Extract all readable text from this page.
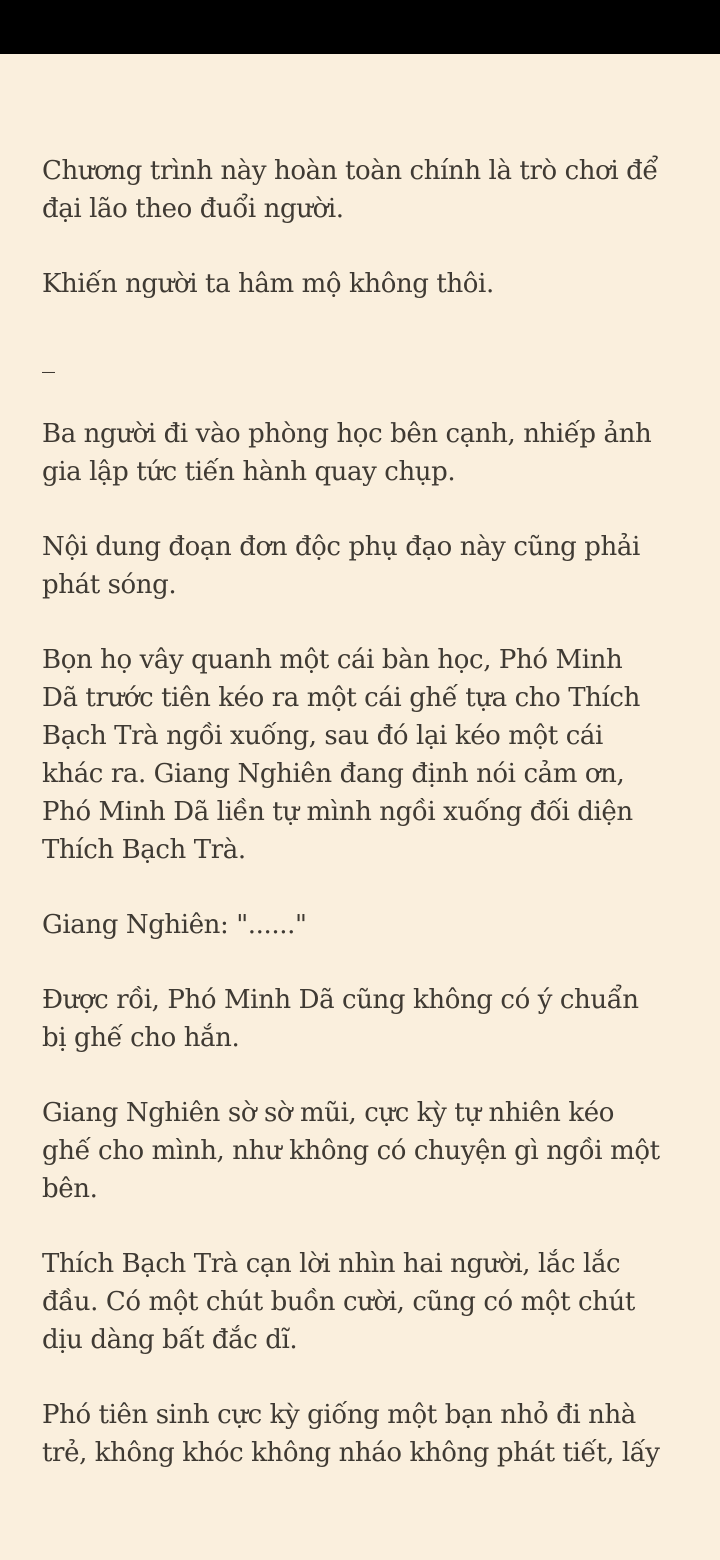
Chương trình này hoàn toàn chính là trò chơi để đại lão theo đuổi người.

Khiến người ta hâm mộ không thôi.

_

Ba người đi vào phòng học bên cạnh, nhiếp ảnh gia lập tức tiến hành quay chụp.

Nội dung đoạn đơn độc phụ đạo này cũng phải phát sóng.

Bọn họ vây quanh một cái bàn học, Phó Minh Dã trước tiên kéo ra một cái ghế tựa cho Thích Bạch Trà ngồi xuống, sau đó lại kéo một cái khác ra. Giang Nghiên đang định nói cảm ơn, Phó Minh Dã liền tự mình ngồi xuống đối diện Thích Bạch Trà.

Giang Nghiên: "......"

Được rồi, Phó Minh Dã cũng không có ý chuẩn bị ghế cho hắn.

Giang Nghiên sờ sờ mũi, cực kỳ tự nhiên kéo ghế cho mình, như không có chuyện gì ngồi một bên.

Thích Bạch Trà cạn lời nhìn hai người, lắc lắc đầu. Có một chút buồn cười, cũng có một chút dịu dàng bất đắc dĩ.

Phó tiên sinh cực kỳ giống một bạn nhỏ đi nhà trẻ, không khóc không nháo không phát tiết, lấy
